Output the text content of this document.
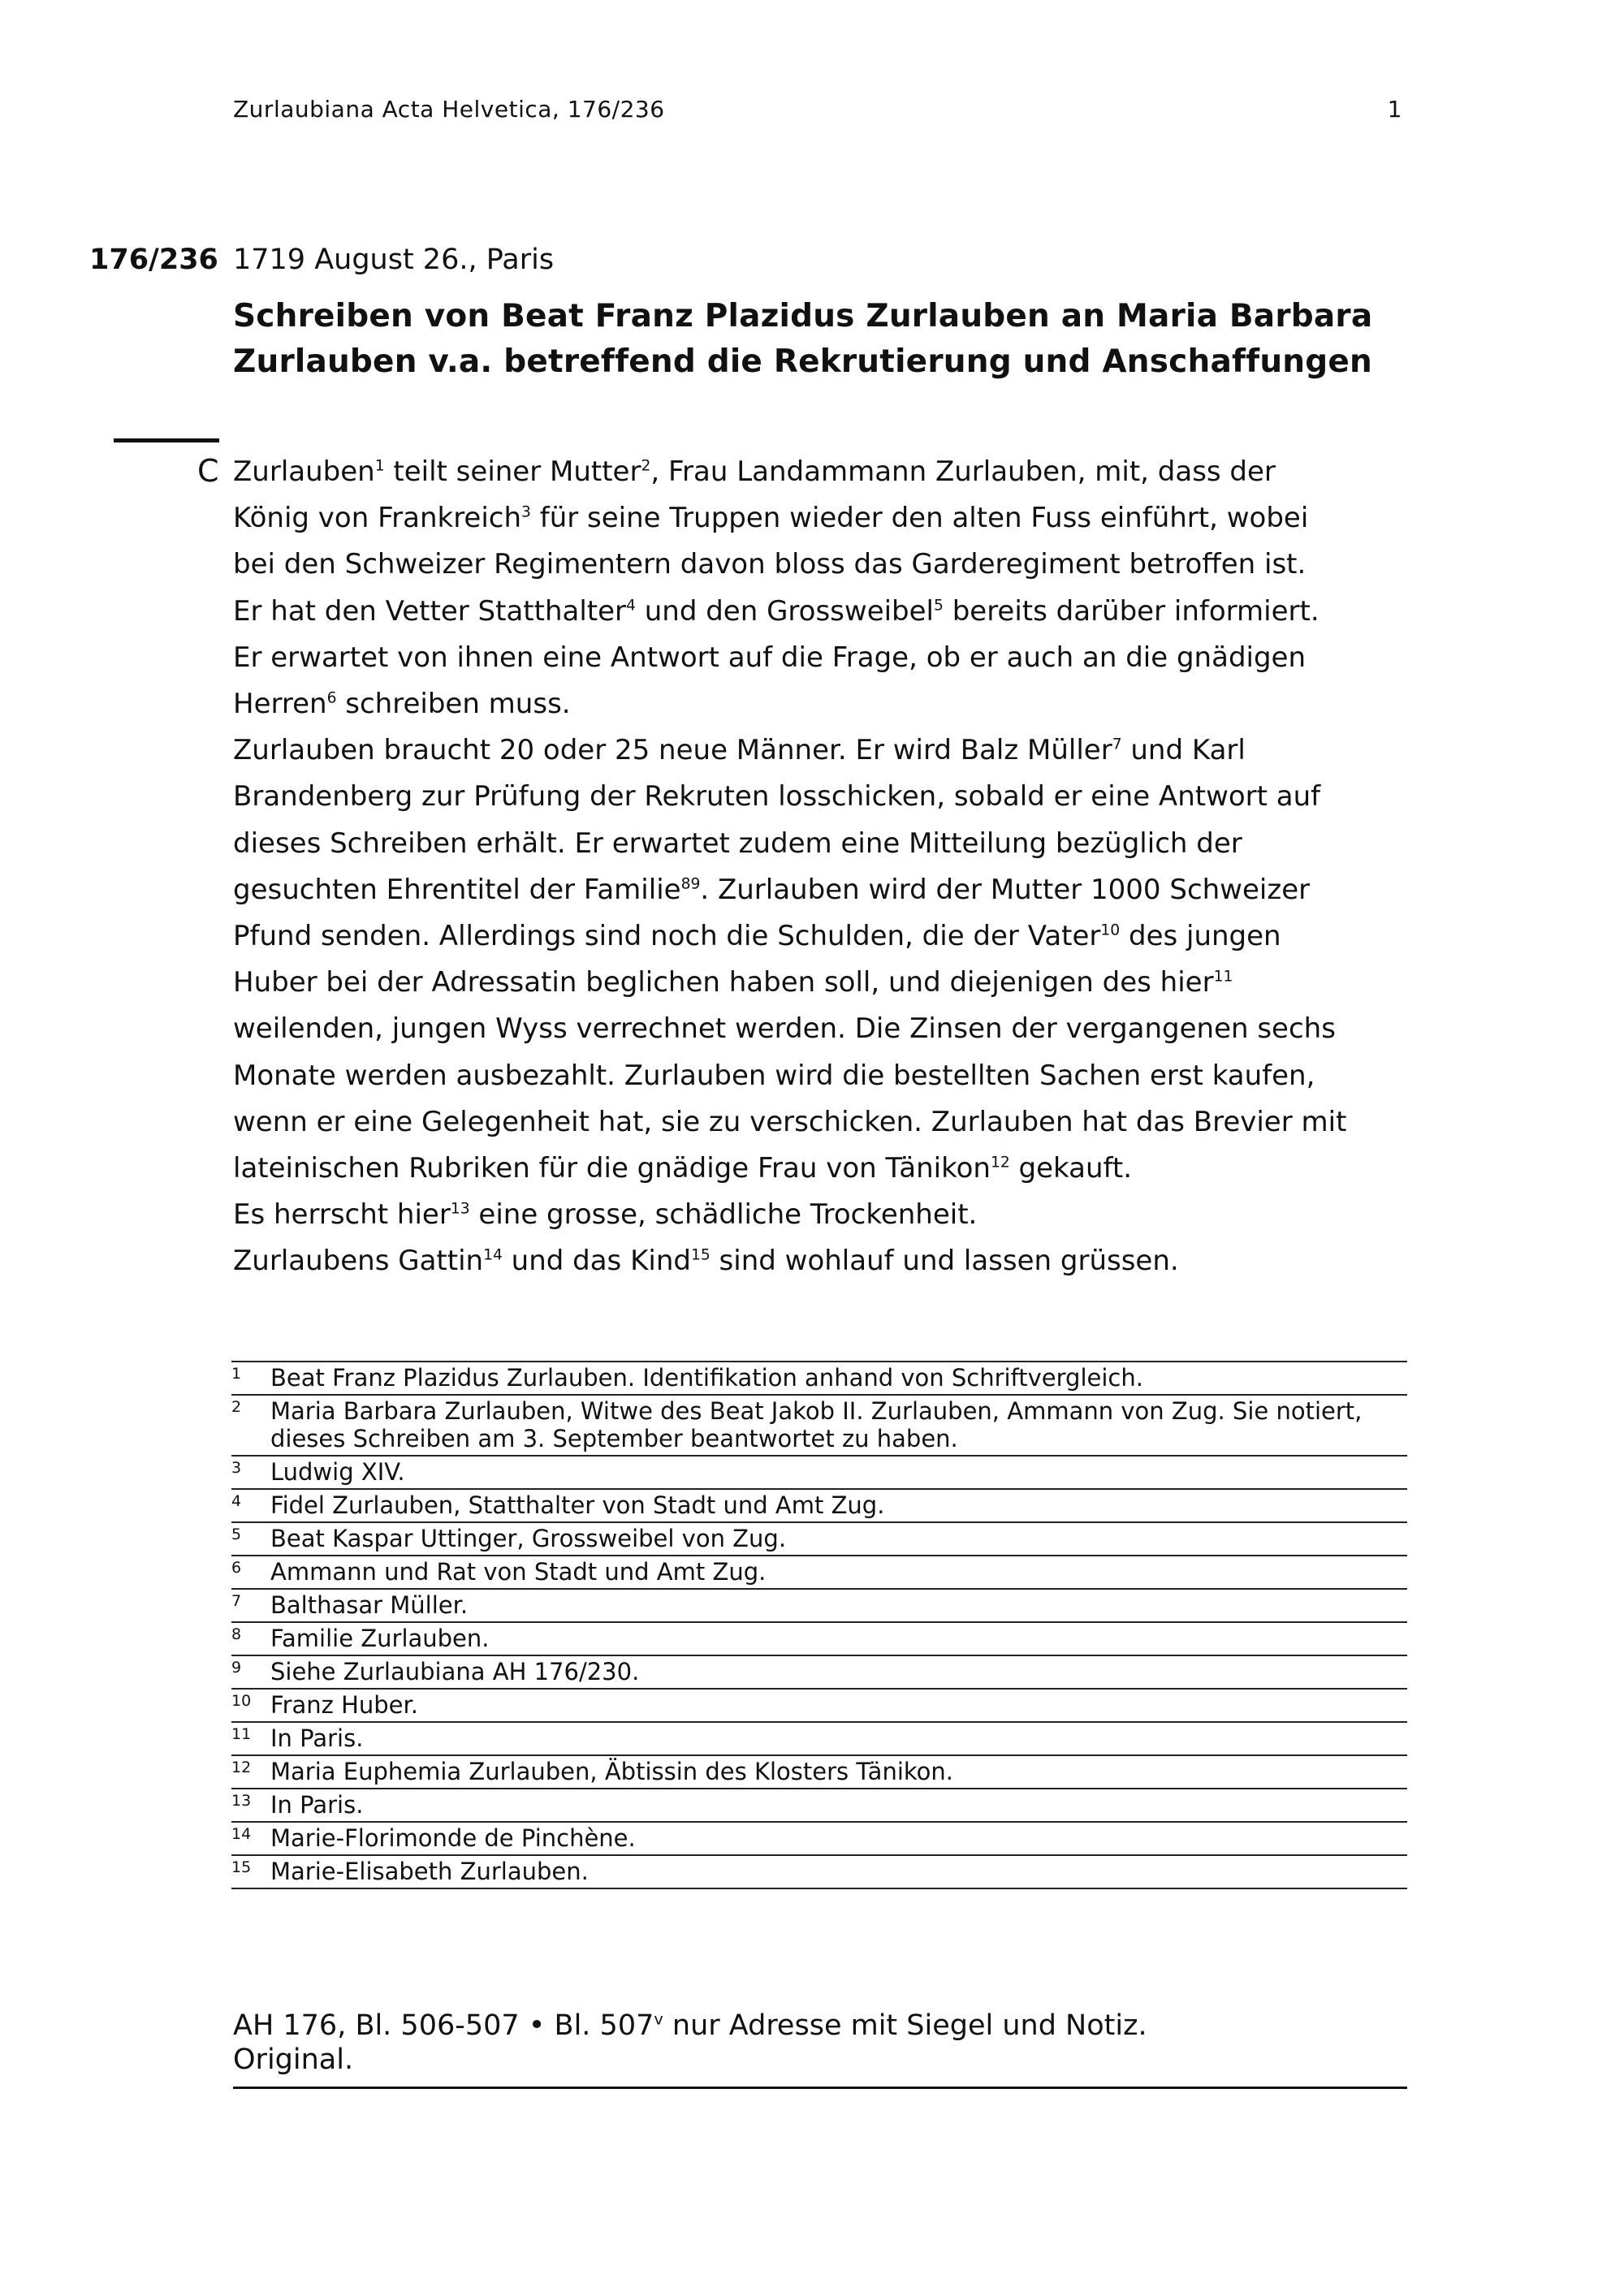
Zurlaubiana Acta Helvetica, 176/236	1
176/236 1719 August 26., Paris
Schreiben von Beat Franz Plazidus Zurlauben an Maria Barbara
Zurlauben v.a. betreffend die Rekrutierung und Anschaffungen
C Zurlauben$^1$ teilt seiner Mutter$^2$, Frau Landammann Zurlauben, mit, dass der

König von Frankreich$^3$ für seine Truppen wieder den alten Fuss einführt, wobei

bei den Schweizer Regimentern davon bloss das Garderegiment betroffen ist.

Er hat den Vetter Statthalter$^4$ und den Grossweibel$^5$ bereits darüber informiert.

Er erwartet von ihnen eine Antwort auf die Frage, ob er auch an die gnädigen

Herren$^6$ schreiben muss.

Zurlauben braucht 20 oder 25 neue Männer. Er wird Balz Müller$^7$ und Karl

Brandenberg zur Prüfung der Rekruten losschicken, sobald er eine Antwort auf

dieses Schreiben erhält. Er erwartet zudem eine Mitteilung bezüglich der

gesuchten Ehrentitel der Familie$^{89}$. Zurlauben wird der Mutter 1000 Schweizer

Pfund senden. Allerdings sind noch die Schulden, die der Vater$^{10}$ des jungen

Huber bei der Adressatin beglichen haben soll, und diejenigen des hier$^{11}$

weilenden, jungen Wyss verrechnet werden. Die Zinsen der vergangenen sechs

Monate werden ausbezahlt. Zurlauben wird die bestellten Sachen erst kaufen,

wenn er eine Gelegenheit hat, sie zu verschicken. Zurlauben hat das Brevier mit

lateinischen Rubriken für die gnädige Frau von Tänikon$^{12}$ gekauft.

Es herrscht hier$^{13}$ eine grosse, schädliche Trockenheit.

Zurlaubens Gattin$^{14}$ und das Kind$^{15}$ sind wohlauf und lassen grüssen.

1	Beat Franz Plazidus Zurlauben. Identifikation anhand von Schriftvergleich.
2	Maria Barbara Zurlauben, Witwe des Beat Jakob II. Zurlauben, Ammann von Zug. Sie notiert, dieses Schreiben am 3. September beantwortet zu haben.
3	Ludwig XIV.
4	Fidel Zurlauben, Statthalter von Stadt und Amt Zug.
5	Beat Kaspar Uttinger, Grossweibel von Zug.
6	Ammann und Rat von Stadt und Amt Zug.
7	Balthasar Müller.
8	Familie Zurlauben.
9	Siehe Zurlaubiana AH 176/230.
10	Franz Huber.
11	In Paris.
12	Maria Euphemia Zurlauben, Äbtissin des Klosters Tänikon.
13	In Paris.
14	Marie-Florimonde de Pinchène.
15	Marie-Elisabeth Zurlauben.
AH 176, Bl. 506-507 • Bl. 507$^v$ nur Adresse mit Siegel und Notiz.
Original.
